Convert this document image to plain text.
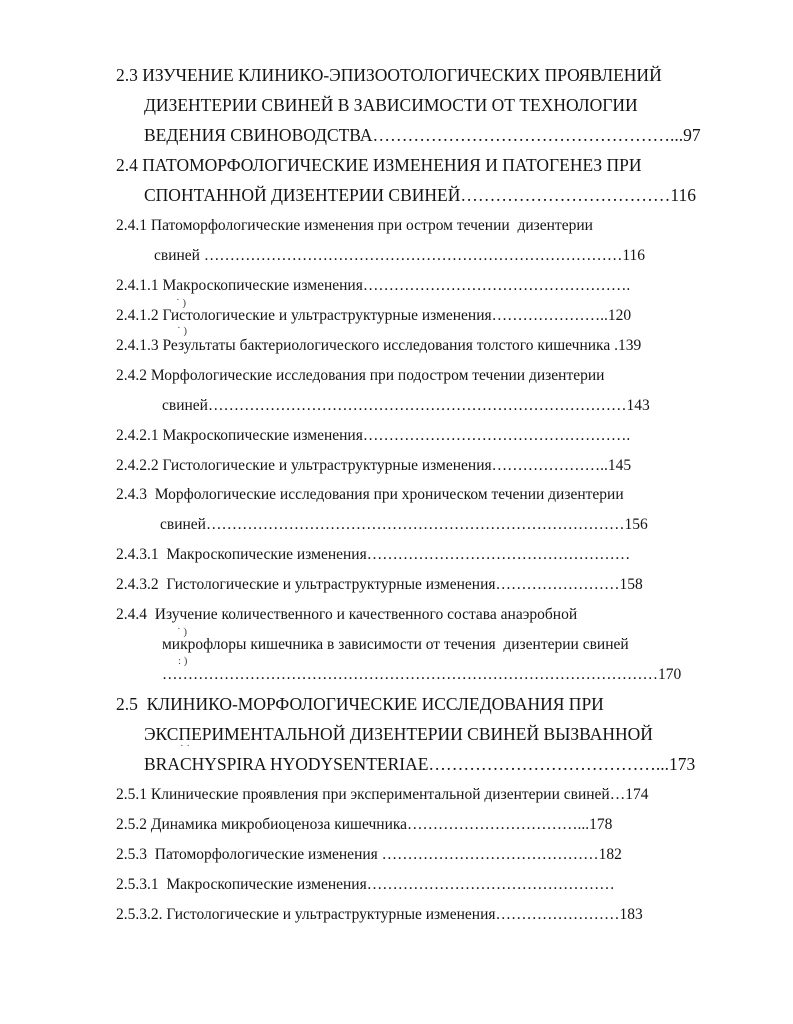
2.3 ИЗУЧЕНИЕ КЛИНИКО-ЭПИЗООТОЛОГИЧЕСКИХ ПРОЯВЛЕНИЙ
ДИЗЕНТЕРИИ СВИНЕЙ В ЗАВИСИМОСТИ ОТ ТЕХНОЛОГИИ
ВЕДЕНИЯ СВИНОВОДСТВА……………………………………………...97
2.4 ПАТОМОРФОЛОГИЧЕСКИЕ ИЗМЕНЕНИЯ И ПАТОГЕНЕЗ ПРИ
СПОНТАННОЙ ДИЗЕНТЕРИИ СВИНЕЙ………………………………116
2.4.1 Патоморфологические изменения при остром течении  дизентерии
свиней ………………………………………………………………………116
2.4.1.1 Макроскопические изменения…………………………………………….
2.4.1.2 Гистологические и ультраструктурные изменения…………………..120
2.4.1.3 Результаты бактериологического исследования толстого кишечника .139
2.4.2 Морфологические исследования при подостром течении дизентерии
свиней………………………………………………………………………143
2.4.2.1 Макроскопические изменения…………………………………………….
2.4.2.2 Гистологические и ультраструктурные изменения…………………..145
2.4.3  Морфологические исследования при хроническом течении дизентерии
свиней………………………………………………………………………156
2.4.3.1  Макроскопические изменения……………………………………………
2.4.3.2  Гистологические и ультраструктурные изменения……………………158
2.4.4  Изучение количественного и качественного состава анаэробной
микрофлоры кишечника в зависимости от течения  дизентерии свиней
……………………………………………………………………………………170
2.5  КЛИНИКО-МОРФОЛОГИЧЕСКИЕ ИССЛЕДОВАНИЯ ПРИ
ЭКСПЕРИМЕНТАЛЬНОЙ ДИЗЕНТЕРИИ СВИНЕЙ ВЫЗВАННОЙ
BRACHYSPIRA HYODYSENTERIAE…………………………………...173
2.5.1 Клинические проявления при экспериментальной дизентерии свиней…174
2.5.2 Динамика микробиоценоза кишечника……………………………...178
2.5.3  Патоморфологические изменения ……………………………………182
2.5.3.1  Макроскопические изменения…………………………………………
2.5.3.2. Гистологические и ультраструктурные изменения……………………183
˙ )
˙ )
˙ )
: )
˙ ˙
